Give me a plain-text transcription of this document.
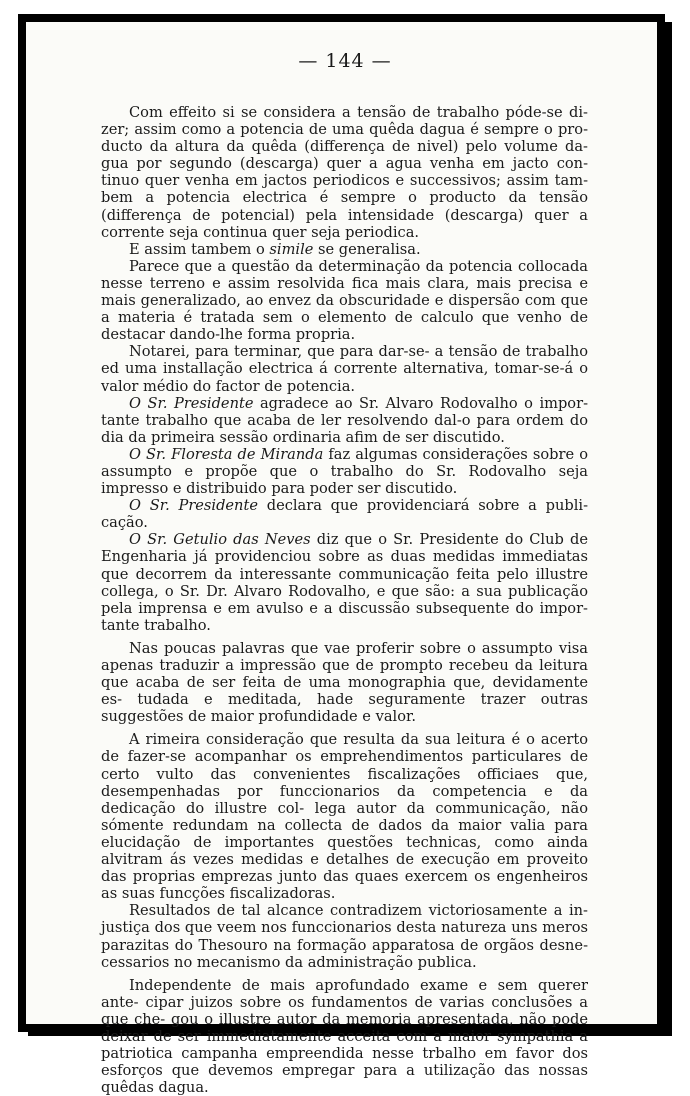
— 144 —

Com effeito si se considera a tensão de trabalho póde-se di- zer; assim como a potencia de uma quêda dagua é sempre o pro- ducto da altura da quêda (differença de nivel) pelo volume da- gua por segundo (descarga) quer a agua venha em jacto con- tinuo quer venha em jactos periodicos e successivos; assim tam- bem a potencia electrica é sempre o producto da tensão (differença de potencial) pela intensidade (descarga) quer a corrente seja continua quer seja periodica.

E assim tambem o simile se generalisa.

Parece que a questão da determinação da potencia collocada nesse terreno e assim resolvida fica mais clara, mais precisa e mais generalizado, ao envez da obscuridade e dispersão com que a materia é tratada sem o elemento de calculo que venho de destacar dando-lhe forma propria.

Notarei, para terminar, que para dar-se- a tensão de trabalho ed uma installação electrica á corrente alternativa, tomar-se-á o valor médio do factor de potencia.

O Sr. Presidente agradece ao Sr. Alvaro Rodovalho o impor- tante trabalho que acaba de ler resolvendo dal-o para ordem do dia da primeira sessão ordinaria afim de ser discutido.

O Sr. Floresta de Miranda faz algumas considerações sobre o assumpto e propõe que o trabalho do Sr. Rodovalho seja impresso e distribuido para poder ser discutido.

O Sr. Presidente declara que providenciará sobre a publi- cação.

O Sr. Getulio das Neves diz que o Sr. Presidente do Club de Engenharia já providenciou sobre as duas medidas immediatas que decorrem da interessante communicação feita pelo illustre collega, o Sr. Dr. Alvaro Rodovalho, e que são: a sua publicação pela imprensa e em avulso e a discussão subsequente do impor- tante trabalho.

Nas poucas palavras que vae proferir sobre o assumpto visa apenas traduzir a impressão que de prompto recebeu da leitura que acaba de ser feita de uma monographia que, devidamente es- tudada e meditada, hade seguramente trazer outras suggestões de maior profundidade e valor.

A rimeira consideração que resulta da sua leitura é o acerto de fazer-se acompanhar os emprehendimentos particulares de certo vulto das convenientes fiscalizações officiaes que, desempenhadas por funccionarios da competencia e da dedicação do illustre col- lega autor da communicação, não sómente redundam na collecta de dados da maior valia para elucidação de importantes questões technicas, como ainda alvitram ás vezes medidas e detalhes de execução em proveito das proprias emprezas junto das quaes exercem os engenheiros as suas funcções fiscalizadoras.

Resultados de tal alcance contradizem victoriosamente a in- justiça dos que veem nos funccionarios desta natureza uns meros parazitas do Thesouro na formação apparatosa de orgãos desne- cessarios no mecanismo da administração publica.

Independente de mais aprofundado exame e sem querer ante- cipar juizos sobre os fundamentos de varias conclusões a que che- gou o illustre autor da memoria apresentada, não pode deixar de ser immediatamente acceita com a maior sympathia a patriotica campanha empreendida nesse trbalho em favor dos esforços que devemos empregar para a utilização das nossas quêdas dagua.
